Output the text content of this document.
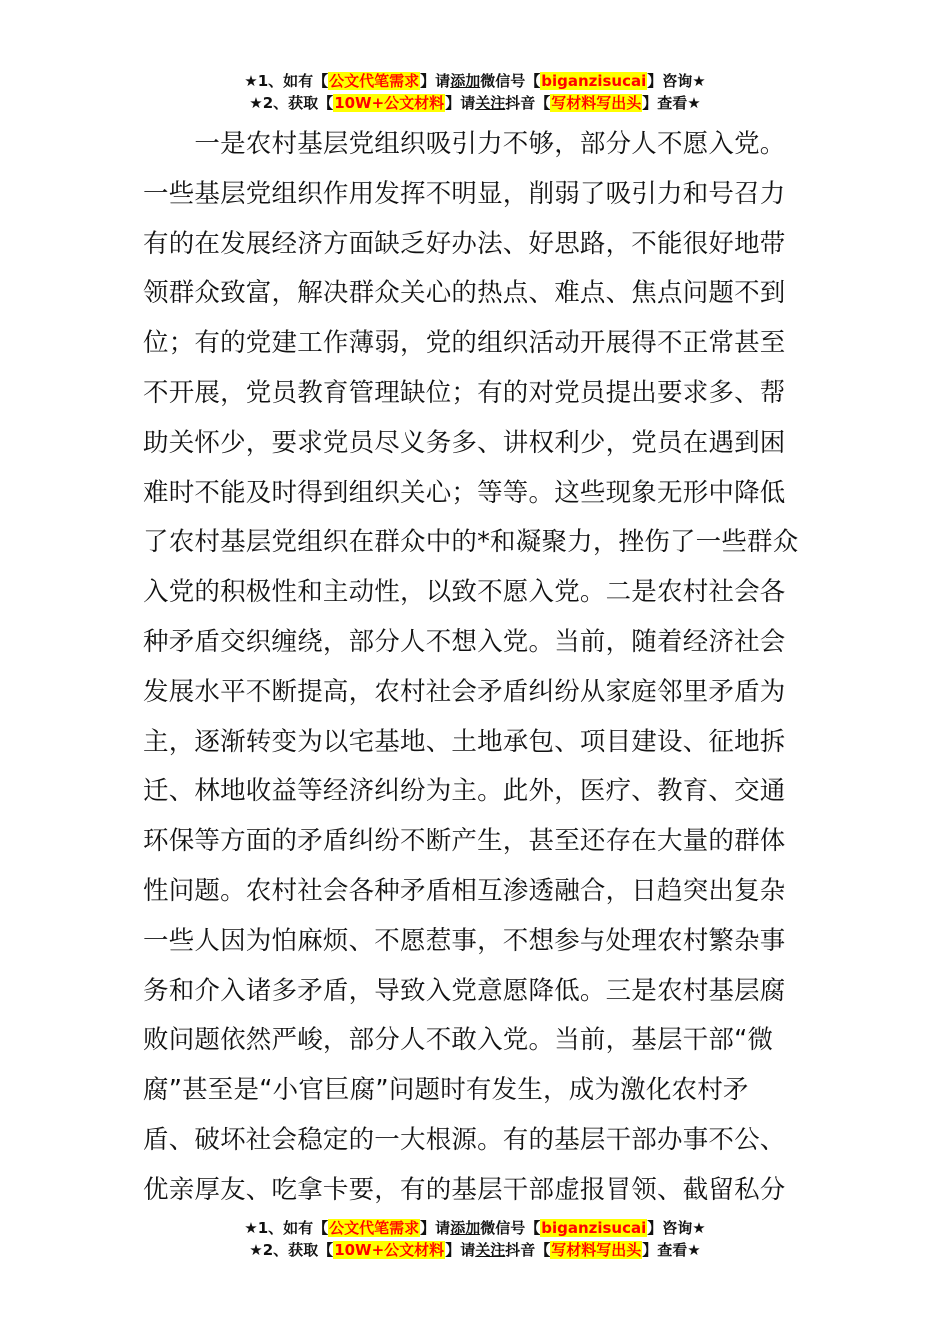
★1、如有【公文代笔需求】请添加微信号【biganzisucai】咨询★
★2、获取【10W+公文材料】请关注抖音【写材料写出头】查看★
　　一是农村基层党组织吸引力不够，部分人不愿入党。
一些基层党组织作用发挥不明显，削弱了吸引力和号召力
有的在发展经济方面缺乏好办法、好思路，不能很好地带
领群众致富，解决群众关心的热点、难点、焦点问题不到
位；有的党建工作薄弱，党的组织活动开展得不正常甚至
不开展，党员教育管理缺位；有的对党员提出要求多、帮
助关怀少，要求党员尽义务多、讲权利少，党员在遇到困
难时不能及时得到组织关心；等等。这些现象无形中降低
了农村基层党组织在群众中的*和凝聚力，挫伤了一些群众
入党的积极性和主动性，以致不愿入党。二是农村社会各
种矛盾交织缠绕，部分人不想入党。当前，随着经济社会
发展水平不断提高，农村社会矛盾纠纷从家庭邻里矛盾为
主，逐渐转变为以宅基地、土地承包、项目建设、征地拆
迁、林地收益等经济纠纷为主。此外，医疗、教育、交通
环保等方面的矛盾纠纷不断产生，甚至还存在大量的群体
性问题。农村社会各种矛盾相互渗透融合，日趋突出复杂
一些人因为怕麻烦、不愿惹事，不想参与处理农村繁杂事
务和介入诸多矛盾，导致入党意愿降低。三是农村基层腐
败问题依然严峻，部分人不敢入党。当前，基层干部“微
腐”甚至是“小官巨腐”问题时有发生，成为激化农村矛
盾、破坏社会稳定的一大根源。有的基层干部办事不公、
优亲厚友、吃拿卡要，有的基层干部虚报冒领、截留私分
★1、如有【公文代笔需求】请添加微信号【biganzisucai】咨询★
★2、获取【10W+公文材料】请关注抖音【写材料写出头】查看★
